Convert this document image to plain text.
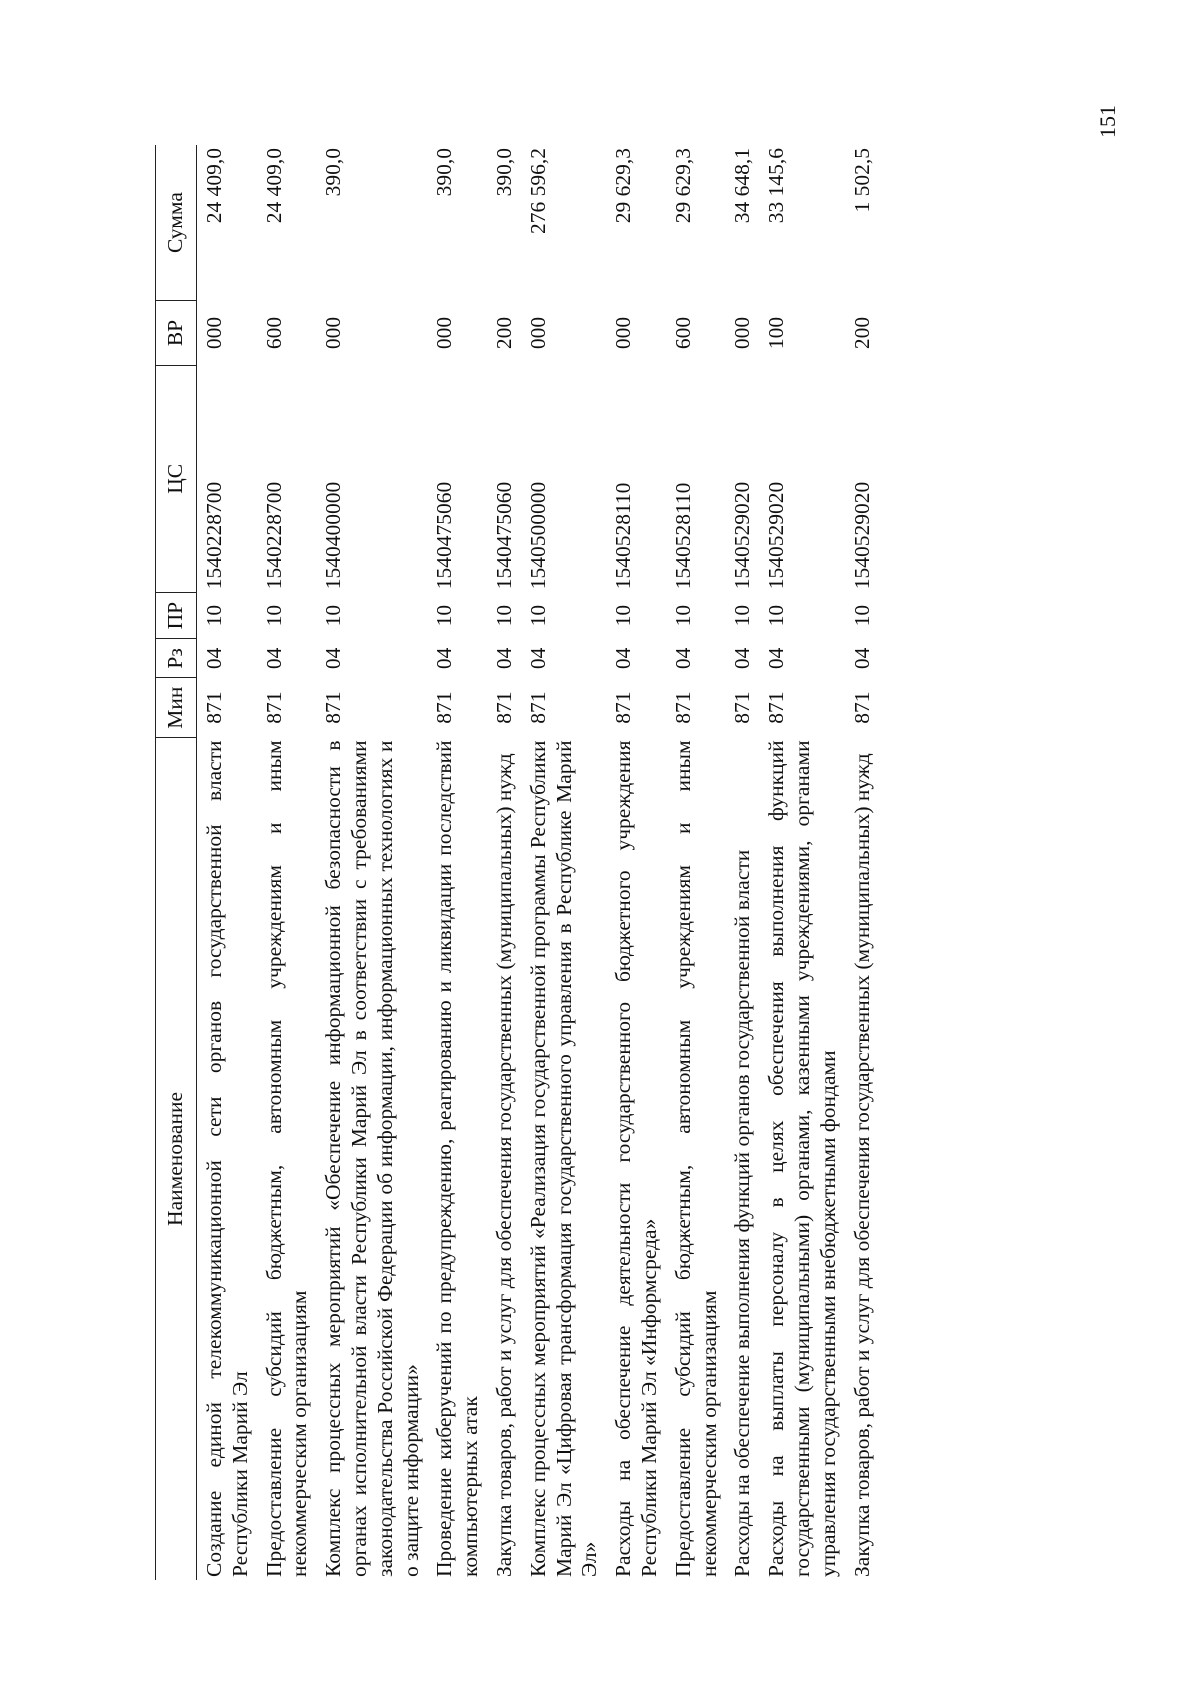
151
Наименование	Мин	Рз	ПР	ЦС	ВР	Сумма
Создание единой телекоммуникационной сети органов государственной власти Республики Марий Эл	871	04	10	1540228700	000	24 409,0
Предоставление субсидий бюджетным, автономным учреждениям и иным некоммерческим организациям	871	04	10	1540228700	600	24 409,0
Комплекс процессных мероприятий «Обеспечение информационной безопасности в органах исполнительной власти Республики Марий Эл в соответствии с требованиями законодательства Российской Федерации об информации, информационных технологиях и о защите информации»	871	04	10	1540400000	000	390,0
Проведение киберучений по предупреждению, реагированию и ликвидации последствий компьютерных атак	871	04	10	1540475060	000	390,0
Закупка товаров, работ и услуг для обеспечения государственных (муниципальных) нужд	871	04	10	1540475060	200	390,0
Комплекс процессных мероприятий «Реализация государственной программы Республики Марий Эл «Цифровая трансформация государственного управления в Республике Марий Эл»	871	04	10	1540500000	000	276 596,2
Расходы на обеспечение деятельности государственного бюджетного учреждения Республики Марий Эл «Информсреда»	871	04	10	1540528110	000	29 629,3
Предоставление субсидий бюджетным, автономным учреждениям и иным некоммерческим организациям	871	04	10	1540528110	600	29 629,3
Расходы на обеспечение выполнения функций органов государственной власти	871	04	10	1540529020	000	34 648,1
Расходы на выплаты персоналу в целях обеспечения выполнения функций государственными (муниципальными) органами, казенными учреждениями, органами управления государственными внебюджетными фондами	871	04	10	1540529020	100	33 145,6
Закупка товаров, работ и услуг для обеспечения государственных (муниципальных) нужд	871	04	10	1540529020	200	1 502,5
